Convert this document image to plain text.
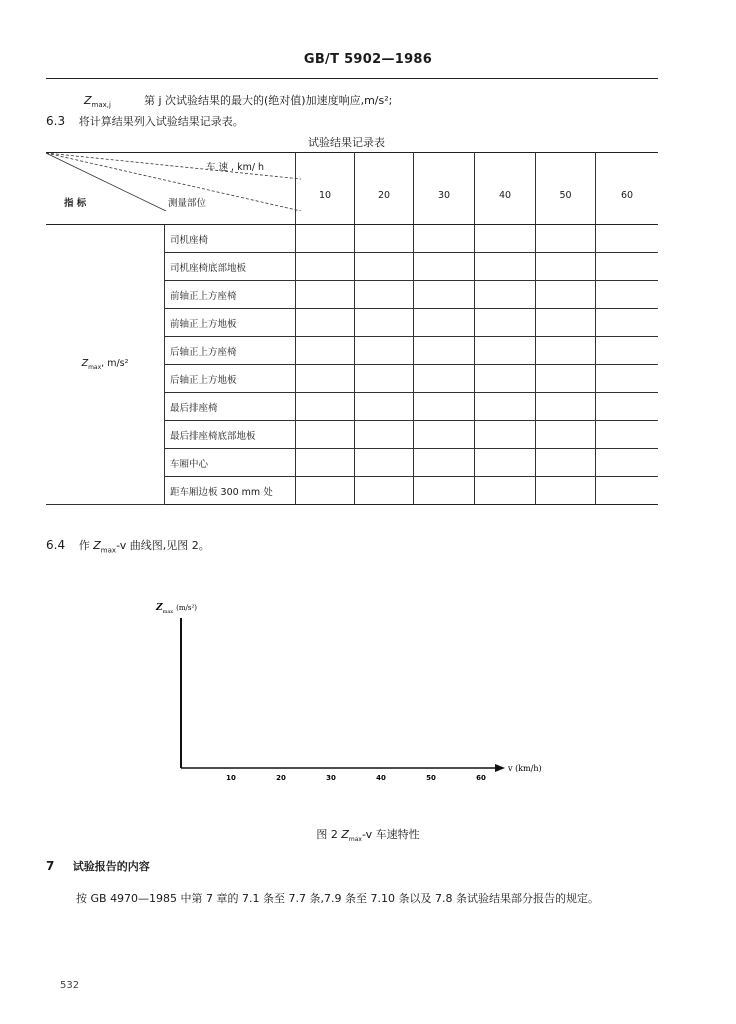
GB/T 5902—1986
$Z_{max,j}$	第 j 次试验结果的最大的(绝对值)加速度响应,m/s²;
6.3 将计算结果列入试验结果记录表。
试验结果记录表
车 速 , km/ h
测量部位
指 标		10	20	30	40	50	60
$Z_{max}$, m/s²	司机座椅						
	司机座椅底部地板						
	前轴正上方座椅						
	前轴正上方地板						
	后轴正上方座椅						
	后轴正上方地板						
	最后排座椅						
	最后排座椅底部地板						
	车厢中心						
	距车厢边板 300 mm 处						
6.4 作 $Z_{max}-v$ 曲线图,见图 2。
10	20	30	40	50	60
$Z_{max}$ $^{(m/s^2)}$
v (km/h)
图 2 $Z_{max}-v$ 车速特性
7 试验报告的内容
按 GB 4970—1985 中第 7 章的 7.1 条至 7.7 条,7.9 条至 7.10 条以及 7.8 条试验结果部分报告的规定。
532
